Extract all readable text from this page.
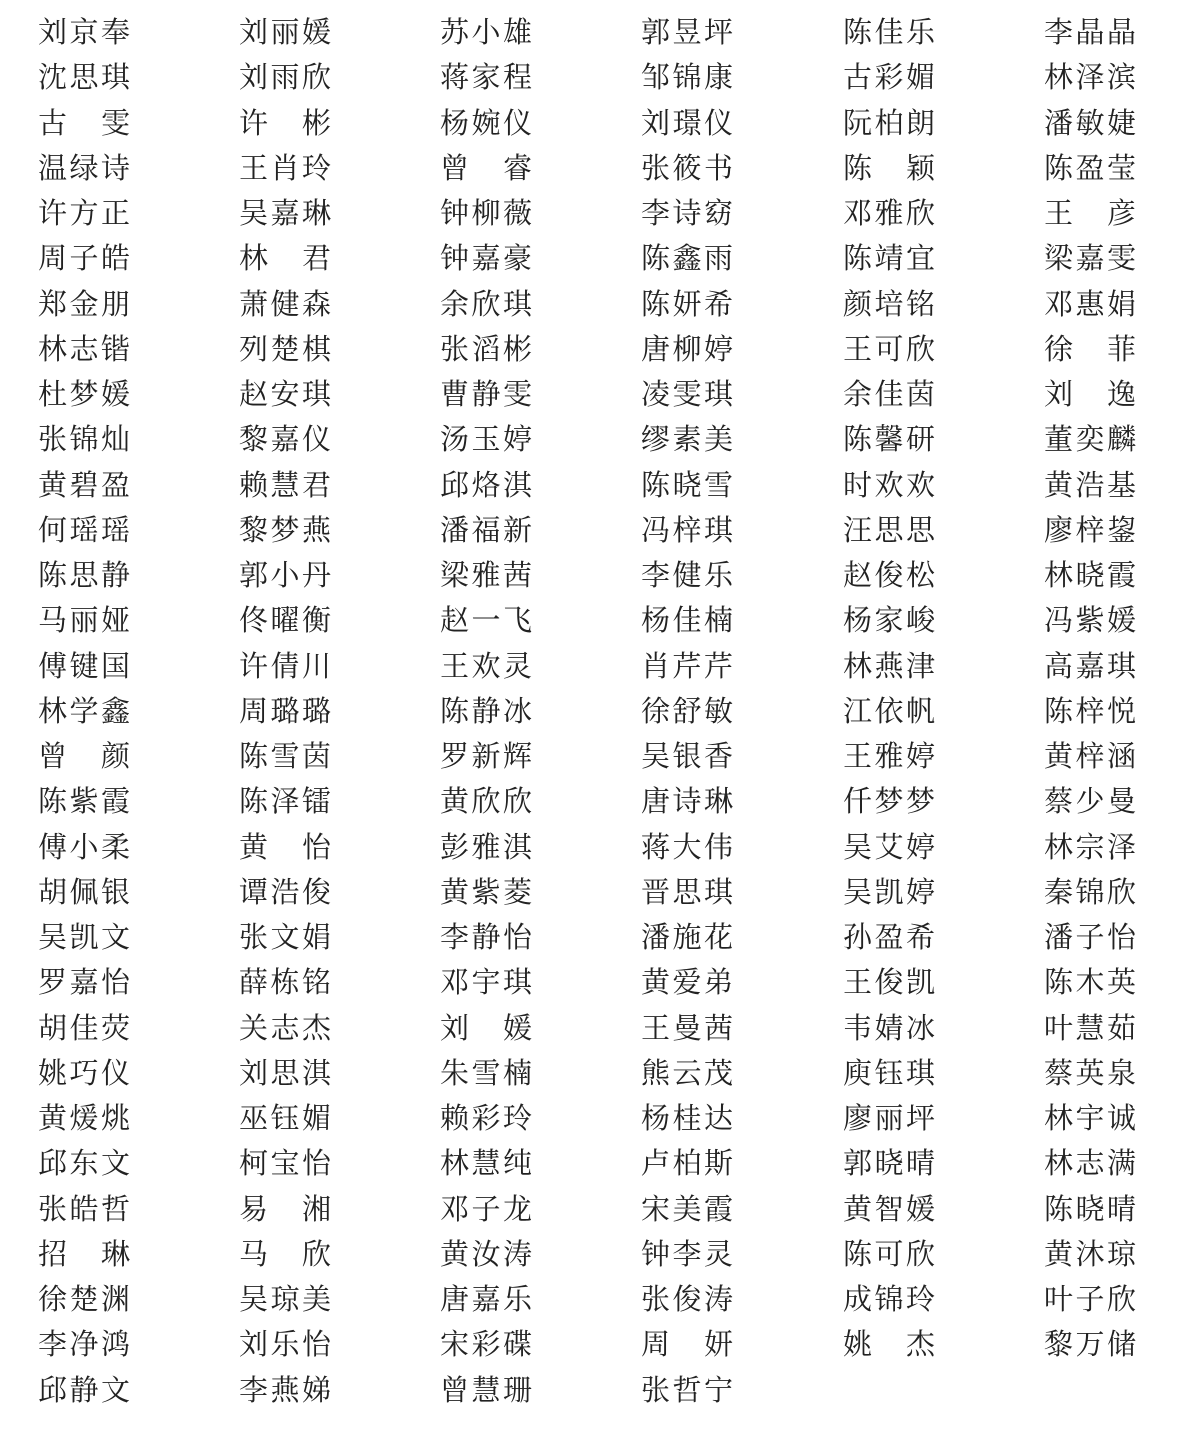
刘 京 奉
沈 思 琪
古 雯
温 绿 诗
许 方 正
周 子 皓
郑 金 朋
林 志 锴
杜 梦 媛
张 锦 灿
黄 碧 盈
何 瑶 瑶
陈 思 静
马 丽 娅
傅 键 国
林 学 鑫
曾 颜
陈 紫 霞
傅 小 柔
胡 佩 银
吴 凯 文
罗 嘉 怡
胡 佳 荧
姚 巧 仪
黄 煖 烑
邱 东 文
张 皓 哲
招 琳
徐 楚 渊
李 净 鸿
邱 静 文
刘 丽 媛
刘 雨 欣
许 彬
王 肖 玲
吴 嘉 琳
林 君
萧 健 森
列 楚 棋
赵 安 琪
黎 嘉 仪
赖 慧 君
黎 梦 燕
郭 小 丹
佟 曜 衡
许 倩 川
周 璐 璐
陈 雪 茵
陈 泽 镭
黄 怡
谭 浩 俊
张 文 娟
薛 栋 铭
关 志 杰
刘 思 淇
巫 钰 媚
柯 宝 怡
易 湘
马 欣
吴 琼 美
刘 乐 怡
李 燕 娣
苏 小 雄
蒋 家 程
杨 婉 仪
曾 睿
钟 柳 薇
钟 嘉 豪
余 欣 琪
张 滔 彬
曹 静 雯
汤 玉 婷
邱 烙 淇
潘 福 新
梁 雅 茜
赵 一 飞
王 欢 灵
陈 静 冰
罗 新 辉
黄 欣 欣
彭 雅 淇
黄 紫 菱
李 静 怡
邓 宇 琪
刘 媛
朱 雪 楠
赖 彩 玲
林 慧 纯
邓 子 龙
黄 汝 涛
唐 嘉 乐
宋 彩 碟
曾 慧 珊
郭 昱 坪
邹 锦 康
刘 璟 仪
张 筱 书
李 诗 窈
陈 鑫 雨
陈 妍 希
唐 柳 婷
凌 雯 琪
缪 素 美
陈 晓 雪
冯 梓 琪
李 健 乐
杨 佳 楠
肖 芹 芹
徐 舒 敏
吴 银 香
唐 诗 琳
蒋 大 伟
晋 思 琪
潘 施 花
黄 爱 弟
王 曼 茜
熊 云 茂
杨 桂 达
卢 柏 斯
宋 美 霞
钟 李 灵
张 俊 涛
周 妍
张 哲 宁
陈 佳 乐
古 彩 媚
阮 柏 朗
陈 颖
邓 雅 欣
陈 靖 宜
颜 培 铭
王 可 欣
余 佳 茵
陈 馨 研
时 欢 欢
汪 思 思
赵 俊 松
杨 家 峻
林 燕 津
江 依 帆
王 雅 婷
仟 梦 梦
吴 艾 婷
吴 凯 婷
孙 盈 希
王 俊 凯
韦 婧 冰
庾 钰 琪
廖 丽 坪
郭 晓 晴
黄 智 媛
陈 可 欣
成 锦 玲
姚 杰
李 晶 晶
林 泽 滨
潘 敏 婕
陈 盈 莹
王 彦
梁 嘉 雯
邓 惠 娟
徐 菲
刘 逸
董 奕 麟
黄 浩 基
廖 梓 鋆
林 晓 霞
冯 紫 媛
高 嘉 琪
陈 梓 悦
黄 梓 涵
蔡 少 曼
林 宗 泽
秦 锦 欣
潘 子 怡
陈 木 英
叶 慧 茹
蔡 英 泉
林 宇 诚
林 志 满
陈 晓 晴
黄 沐 琼
叶 子 欣
黎 万 储
